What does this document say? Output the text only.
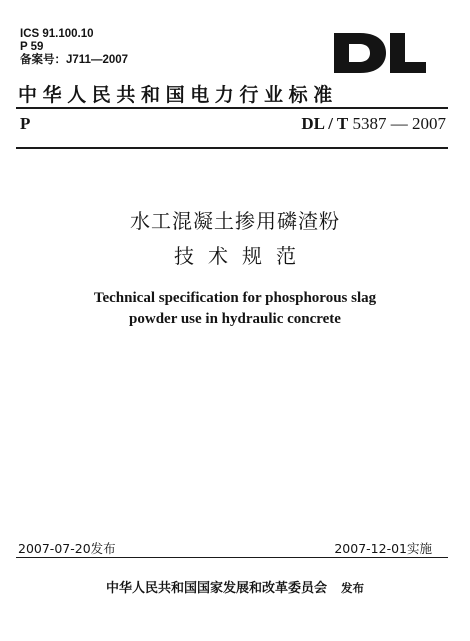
ICS 91.100.10
P 59
备案号：J711—2007
中华人民共和国电力行业标准
P	DL / T 5387 — 2007
水工混凝土掺用磷渣粉
技术规范
Technical specification for phosphorous slag
powder use in hydraulic concrete
2007-07-20发布	2007-12-01实施
中华人民共和国国家发展和改革委员会 发布
